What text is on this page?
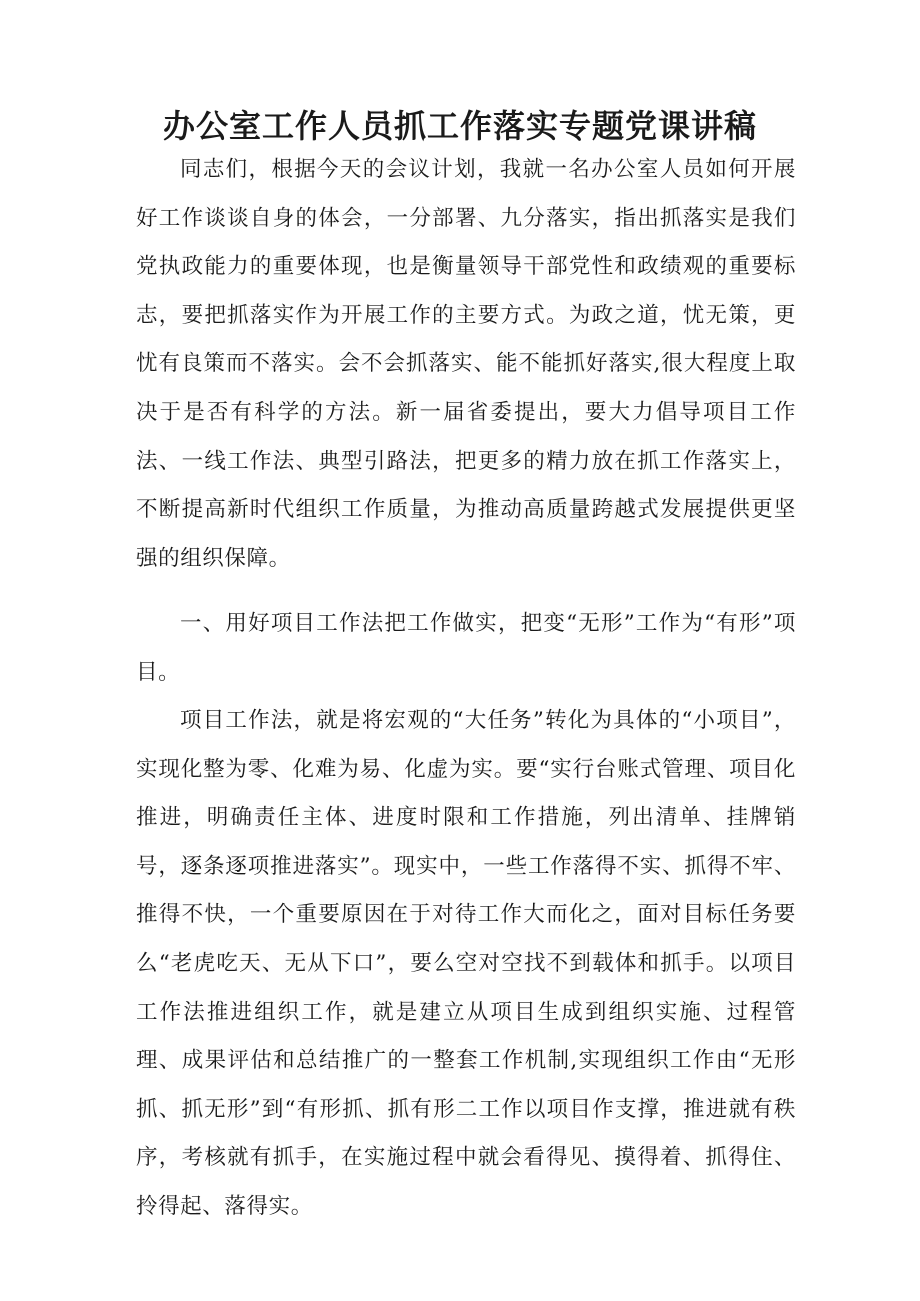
办公室工作人员抓工作落实专题党课讲稿

同志们，根据今天的会议计划，我就一名办公室人员如何开展好工作谈谈自身的体会，一分部署、九分落实，指出抓落实是我们党执政能力的重要体现，也是衡量领导干部党性和政绩观的重要标志，要把抓落实作为开展工作的主要方式。为政之道，忧无策，更忧有良策而不落实。会不会抓落实、能不能抓好落实,很大程度上取决于是否有科学的方法。新一届省委提出，要大力倡导项目工作法、一线工作法、典型引路法，把更多的精力放在抓工作落实上，不断提高新时代组织工作质量，为推动高质量跨越式发展提供更坚强的组织保障。

一、用好项目工作法把工作做实，把变“无形”工作为“有形”项目。

项目工作法，就是将宏观的“大任务”转化为具体的“小项目”，实现化整为零、化难为易、化虚为实。要“实行台账式管理、项目化推进，明确责任主体、进度时限和工作措施，列出清单、挂牌销号，逐条逐项推进落实”。现实中，一些工作落得不实、抓得不牢、推得不快，一个重要原因在于对待工作大而化之，面对目标任务要么“老虎吃天、无从下口”，要么空对空找不到载体和抓手。以项目工作法推进组织工作，就是建立从项目生成到组织实施、过程管理、成果评估和总结推广的一整套工作机制,实现组织工作由“无形抓、抓无形”到“有形抓、抓有形二工作以项目作支撑，推进就有秩序，考核就有抓手，在实施过程中就会看得见、摸得着、抓得住、拎得起、落得实。
